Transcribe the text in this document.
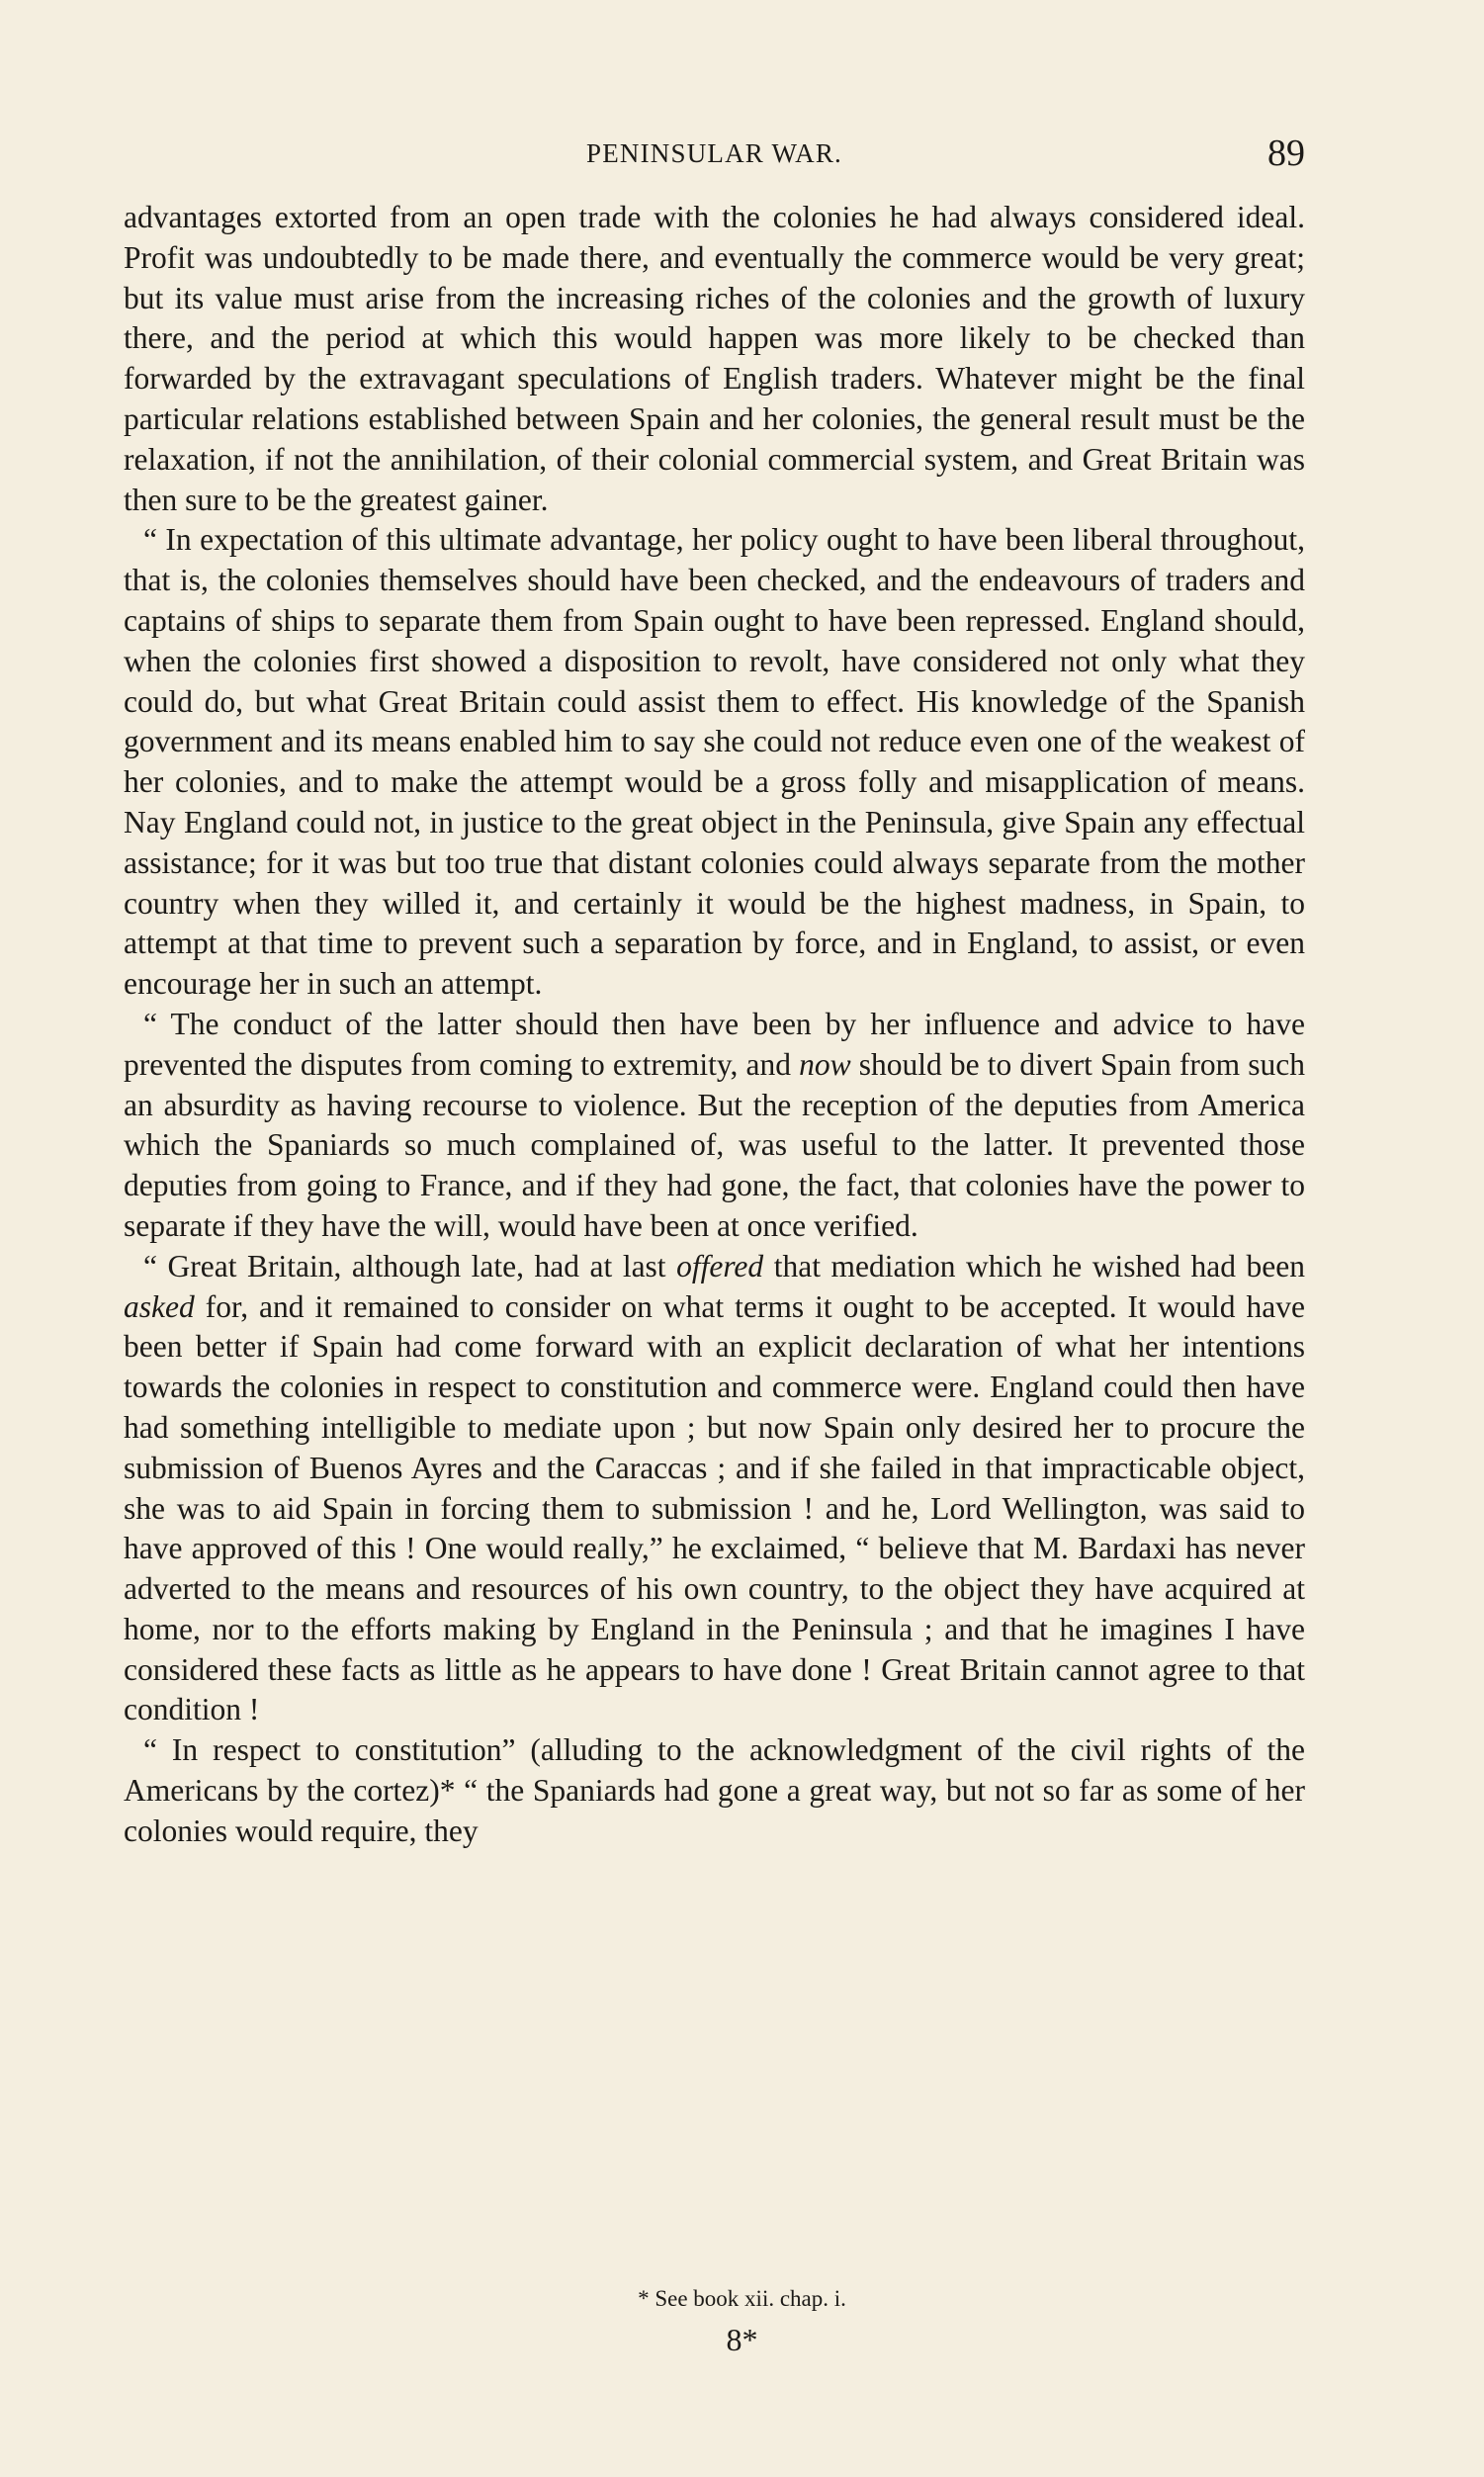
PENINSULAR WAR.	89

advantages extorted from an open trade with the colonies he had always considered ideal. Profit was undoubtedly to be made there, and eventually the commerce would be very great; but its value must arise from the increasing riches of the colonies and the growth of luxury there, and the period at which this would happen was more likely to be checked than forwarded by the extravagant speculations of English traders. Whatever might be the final particular relations established between Spain and her colonies, the general result must be the relaxation, if not the annihilation, of their colonial commercial system, and Great Britain was then sure to be the greatest gainer.

“ In expectation of this ultimate advantage, her policy ought to have been liberal throughout, that is, the colonies themselves should have been checked, and the endeavours of traders and captains of ships to separate them from Spain ought to have been repressed. England should, when the colonies first showed a disposition to revolt, have considered not only what they could do, but what Great Britain could assist them to effect. His knowledge of the Spanish government and its means enabled him to say she could not reduce even one of the weakest of her colonies, and to make the attempt would be a gross folly and misapplication of means. Nay England could not, in justice to the great object in the Peninsula, give Spain any effectual assistance; for it was but too true that distant colonies could always separate from the mother country when they willed it, and certainly it would be the highest madness, in Spain, to attempt at that time to prevent such a separation by force, and in England, to assist, or even encourage her in such an attempt.

“ The conduct of the latter should then have been by her influence and advice to have prevented the disputes from coming to extremity, and now should be to divert Spain from such an absurdity as having recourse to violence. But the reception of the deputies from America which the Spaniards so much complained of, was useful to the latter. It prevented those deputies from going to France, and if they had gone, the fact, that colonies have the power to separate if they have the will, would have been at once verified.

“ Great Britain, although late, had at last offered that mediation which he wished had been asked for, and it remained to consider on what terms it ought to be accepted. It would have been better if Spain had come forward with an explicit declaration of what her intentions towards the colonies in respect to constitution and commerce were. England could then have had something intelligible to mediate upon ; but now Spain only desired her to procure the submission of Buenos Ayres and the Caraccas ; and if she failed in that impracticable object, she was to aid Spain in forcing them to submission ! and he, Lord Wellington, was said to have approved of this ! One would really,” he exclaimed, “ believe that M. Bardaxi has never adverted to the means and resources of his own country, to the object they have acquired at home, nor to the efforts making by England in the Peninsula ; and that he imagines I have considered these facts as little as he appears to have done ! Great Britain cannot agree to that condition !

“ In respect to constitution” (alluding to the acknowledgment of the civil rights of the Americans by the cortez)* “ the Spaniards had gone a great way, but not so far as some of her colonies would require, they

* See book xii. chap. i.
8*
